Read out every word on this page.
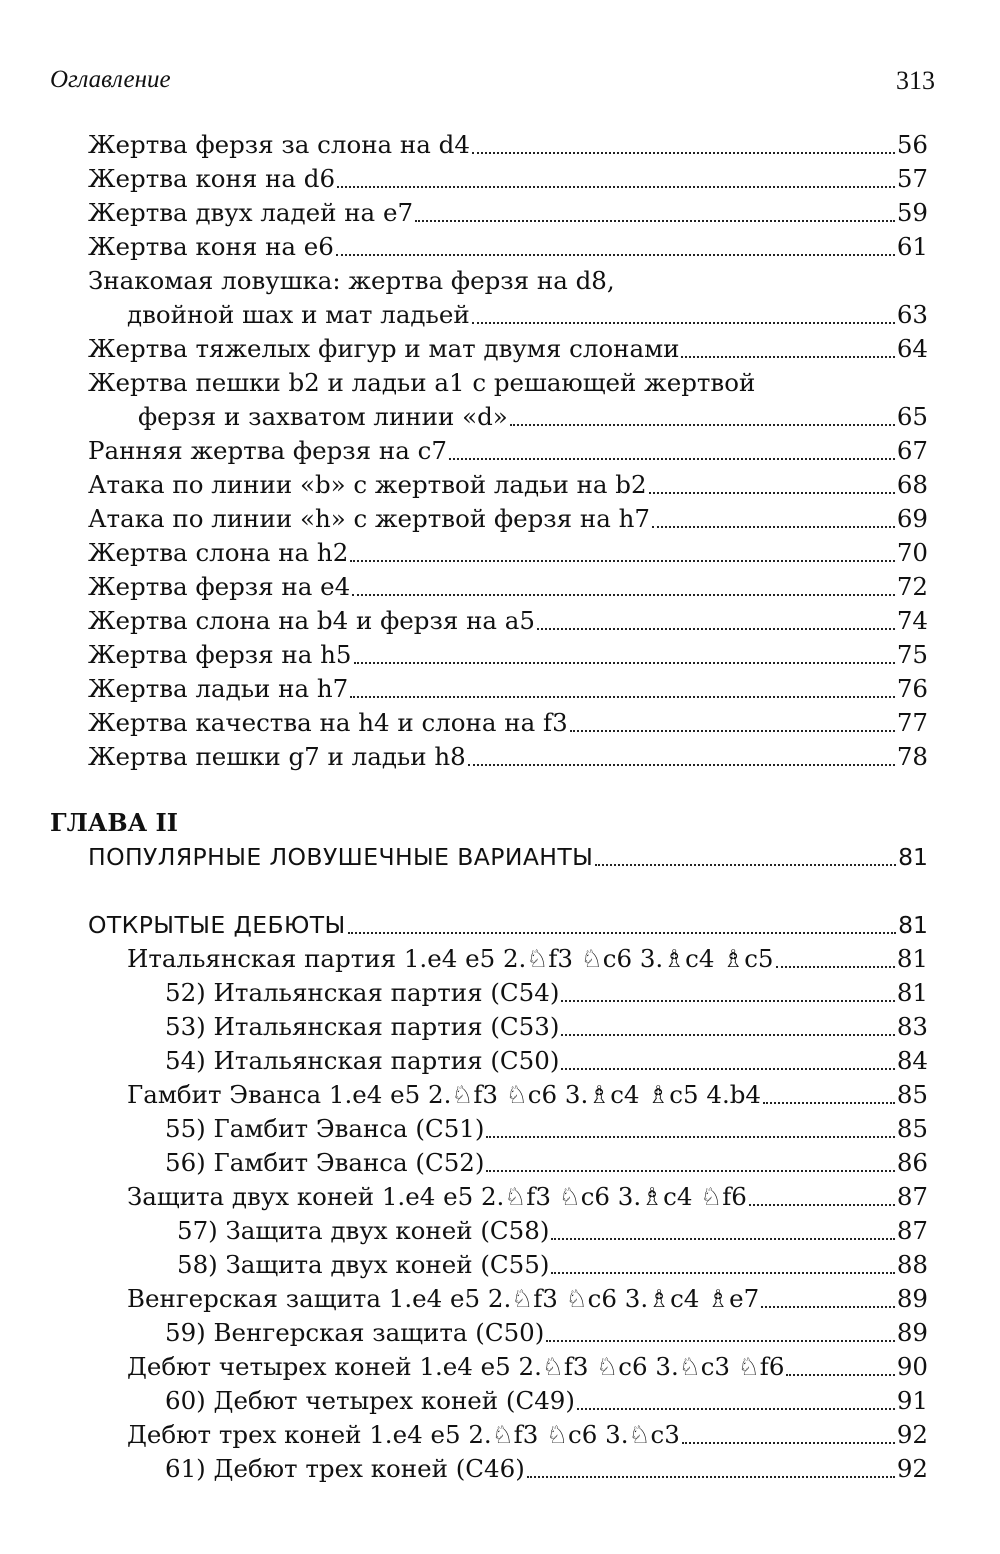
Оглавление	313
Жертва ферзя за слона на d4	56
Жертва коня на d6	57
Жертва двух ладей на e7	59
Жертва коня на e6	61
Знакомая ловушка: жертва ферзя на d8,
двойной шах и мат ладьей	63
Жертва тяжелых фигур и мат двумя слонами	64
Жертва пешки b2 и ладьи a1 с решающей жертвой
ферзя и захватом линии «d»	65
Ранняя жертва ферзя на c7	67
Атака по линии «b» с жертвой ладьи на b2	68
Атака по линии «h» с жертвой ферзя на h7	69
Жертва слона на h2	70
Жертва ферзя на e4	72
Жертва слона на b4 и ферзя на a5	74
Жертва ферзя на h5	75
Жертва ладьи на h7	76
Жертва качества на h4 и слона на f3	77
Жертва пешки g7 и ладьи h8	78
ГЛАВА II
ПОПУЛЯРНЫЕ ЛОВУШЕЧНЫЕ ВАРИАНТЫ	81
ОТКРЫТЫЕ ДЕБЮТЫ	81
Итальянская партия 1.e4 e5 2.♘f3 ♘c6 3.♗c4 ♗c5	81
52) Итальянская партия (C54)	81
53) Итальянская партия (C53)	83
54) Итальянская партия (C50)	84
Гамбит Эванса 1.e4 e5 2.♘f3 ♘c6 3.♗c4 ♗c5 4.b4	85
55) Гамбит Эванса (C51)	85
56) Гамбит Эванса (C52)	86
Защита двух коней 1.e4 e5 2.♘f3 ♘c6 3.♗c4 ♘f6	87
57) Защита двух коней (C58)	87
58) Защита двух коней (C55)	88
Венгерская защита 1.e4 e5 2.♘f3 ♘c6 3.♗c4 ♗e7	89
59) Венгерская защита (C50)	89
Дебют четырех коней 1.e4 e5 2.♘f3 ♘c6 3.♘c3 ♘f6	90
60) Дебют четырех коней (C49)	91
Дебют трех коней 1.e4 e5 2.♘f3 ♘c6 3.♘c3	92
61) Дебют трех коней (C46)	92
